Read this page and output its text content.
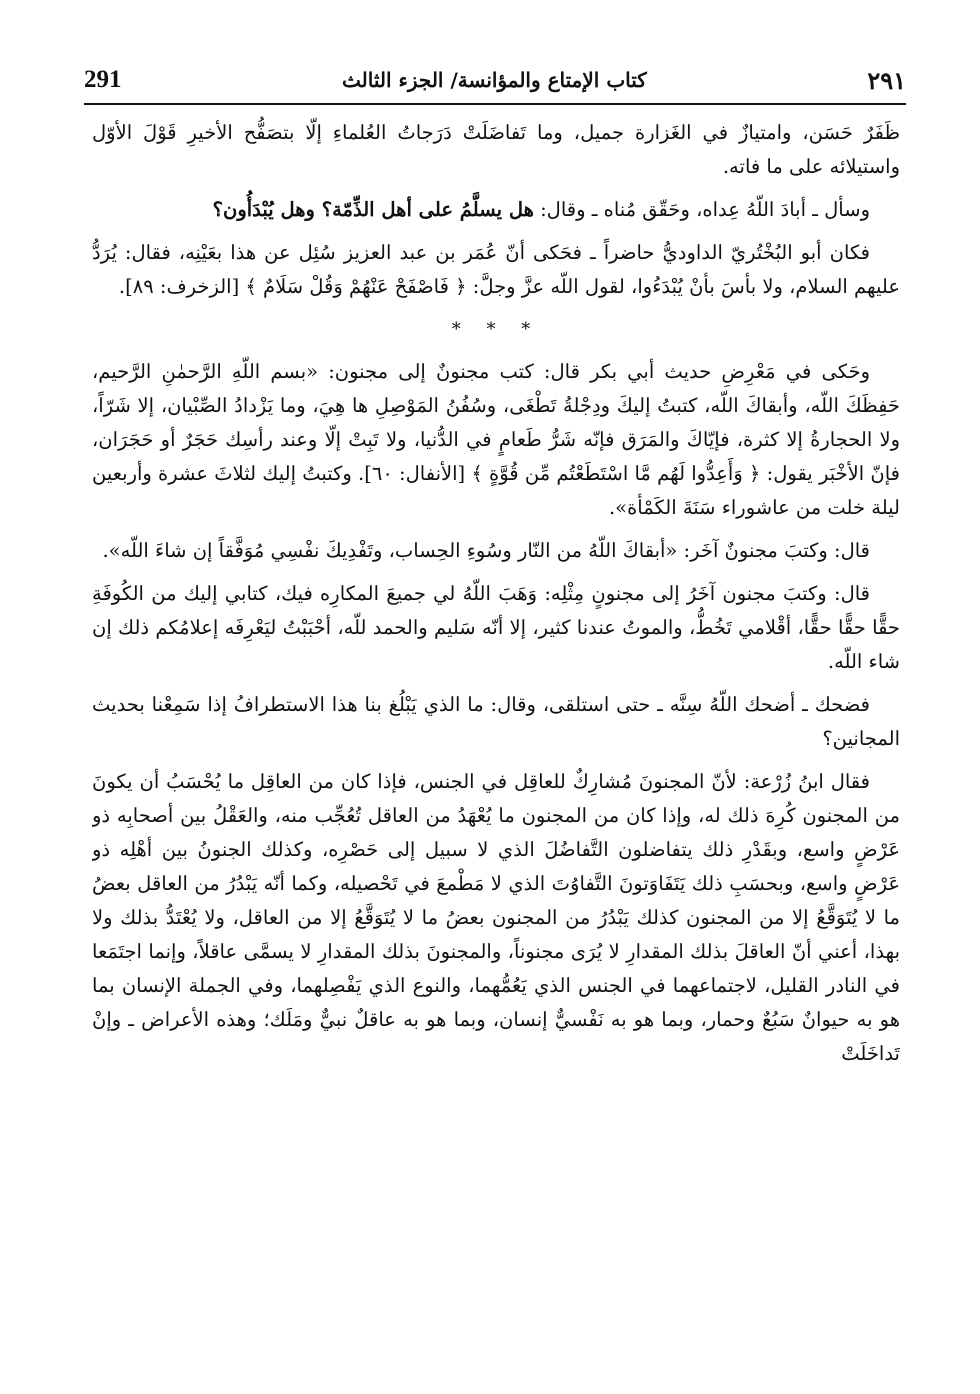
291	كتاب الإمتاع والمؤانسة/ الجزء الثالث	٢٩١

ظَفَرٌ حَسَن، وامتيازٌ في الغَزارة جميل، وما تَفاضَلَتْ دَرَجاتُ العُلماءِ إلّا بتصَفُّح الأخيرِ قَوْلَ الأوّل واستيلائه على ما فاته.

وسأل ـ أبادَ اللّهُ عِداه، وحَقّق مُناه ـ وقال: هل يسلَّمُ على أهل الذِّمّة؟ وهل يُبْدَأُون؟

فكان أبو البُخْتُريّ الداوديُّ حاضراً ـ فحَكى أنّ عُمَر بن عبد العزيز سُئِل عن هذا بعَيْنِه، فقال: يُرَدُّ عليهم السلام، ولا بأسَ بأنْ يُبْدَءُوا، لقول اللّه عزَّ وجلَّ: ﴿ فَاصْفَحْ عَنْهُمْ وَقُلْ سَلَامٌ ﴾ [الزخرف: ٨٩].

* * *

وحَكى في مَعْرِضِ حديث أبي بكر قال: كتب مجنونٌ إلى مجنون: «بسم اللّهِ الرَّحمٰنِ الرَّحيم، حَفِظَكَ اللّه، وأبقاكَ اللّه، كتبتُ إليكَ ودِجْلةُ تَطْغَى، وسُفُنُ المَوْصِلِ ها هِيَ، وما يَزْدادُ الصِّبْيان، إلا شَرّاً، ولا الحجارةُ إلا كثرة، فإيّاكَ والمَرَق فإنّه شَرُّ طَعامٍ في الدُّنيا، ولا تَبِتْ إلّا وعند رأسِك حَجَرٌ أو حَجَرَان، فإنّ الأخْبَر يقول: ﴿ وَأَعِدُّوا لَهُم مَّا اسْتَطَعْتُم مِّن قُوَّةٍ ﴾ [الأنفال: ٦٠]. وكتبتُ إليك لثلاثَ عشرة وأربعين ليلة خلت من عاشوراء سَنَةَ الكَمْأة».

قال: وكتبَ مجنونٌ آخَر: «أبقاكَ اللّهُ من النّار وسُوءِ الحِساب، وتَفْدِيكَ نفْسِي مُوَفَّقاً إن شاءَ اللّه».

قال: وكتبَ مجنون آخَرُ إلى مجنونٍ مِثْلِه: وَهَبَ اللّهُ لي جميعَ المكارِه فيك، كتابي إليك من الكُوفَةِ حقًّا حقًّا حقًّا، أقْلامي تَخُطُّ، والموتُ عندنا كثير، إلا أنّه سَليم والحمد للّه، أحْبَبْتُ ليَعْرِفَه إعلامُكم ذلك إن شاء اللّه.

فضحك ـ أضحك اللّهُ سِنَّه ـ حتى استلقى، وقال: ما الذي يَبْلُغ بنا هذا الاستطرافُ إذا سَمِعْنا بحديث المجانين؟

فقال ابنُ زُرْعة: لأنّ المجنونَ مُشارِكٌ للعاقِل في الجنس، فإذا كان من العاقِل ما يُحْسَبُ أن يكونَ من المجنون كُرِهَ ذلك له، وإذا كان من المجنون ما يُعْهَدُ من العاقل تُعُجِّب منه، والعَقْلُ بين أصحابِه ذو عَرْضٍ واسع، وبقَدْرِ ذلك يتفاضلون التَّفاضُلَ الذي لا سبيل إلى حَصْرِه، وكذلك الجنونُ بين أهْلِه ذو عَرْضٍ واسع، وبحسَبِ ذلك يَتَفَاوَتونَ التَّفاوُتَ الذي لا مَطْمعَ في تَحْصيله، وكما أنّه يَبْدُرُ من العاقل بعضُ ما لا يُتَوَقَّعُ إلا من المجنون كذلك يَبْدُرُ من المجنون بعضُ ما لا يُتَوَقَّعُ إلا من العاقل، ولا يُعْتَدُّ بذلك ولا بهذا، أعني أنّ العاقلَ بذلك المقدارِ لا يُرَى مجنوناً، والمجنونَ بذلك المقدارِ لا يسمَّى عاقلاً، وإنما اجتَمَعا في النادر القليل، لاجتماعهما في الجنس الذي يَعُمُّهما، والنوع الذي يَفْصِلهما، وفي الجملة الإنسان بما هو به حيوانٌ سَبُعٌ وحمار، وبما هو به نَفْسيٌّ إنسان، وبما هو به عاقلٌ نبيٌّ ومَلَك؛ وهذه الأعراض ـ وإنْ تَداخَلَتْ
